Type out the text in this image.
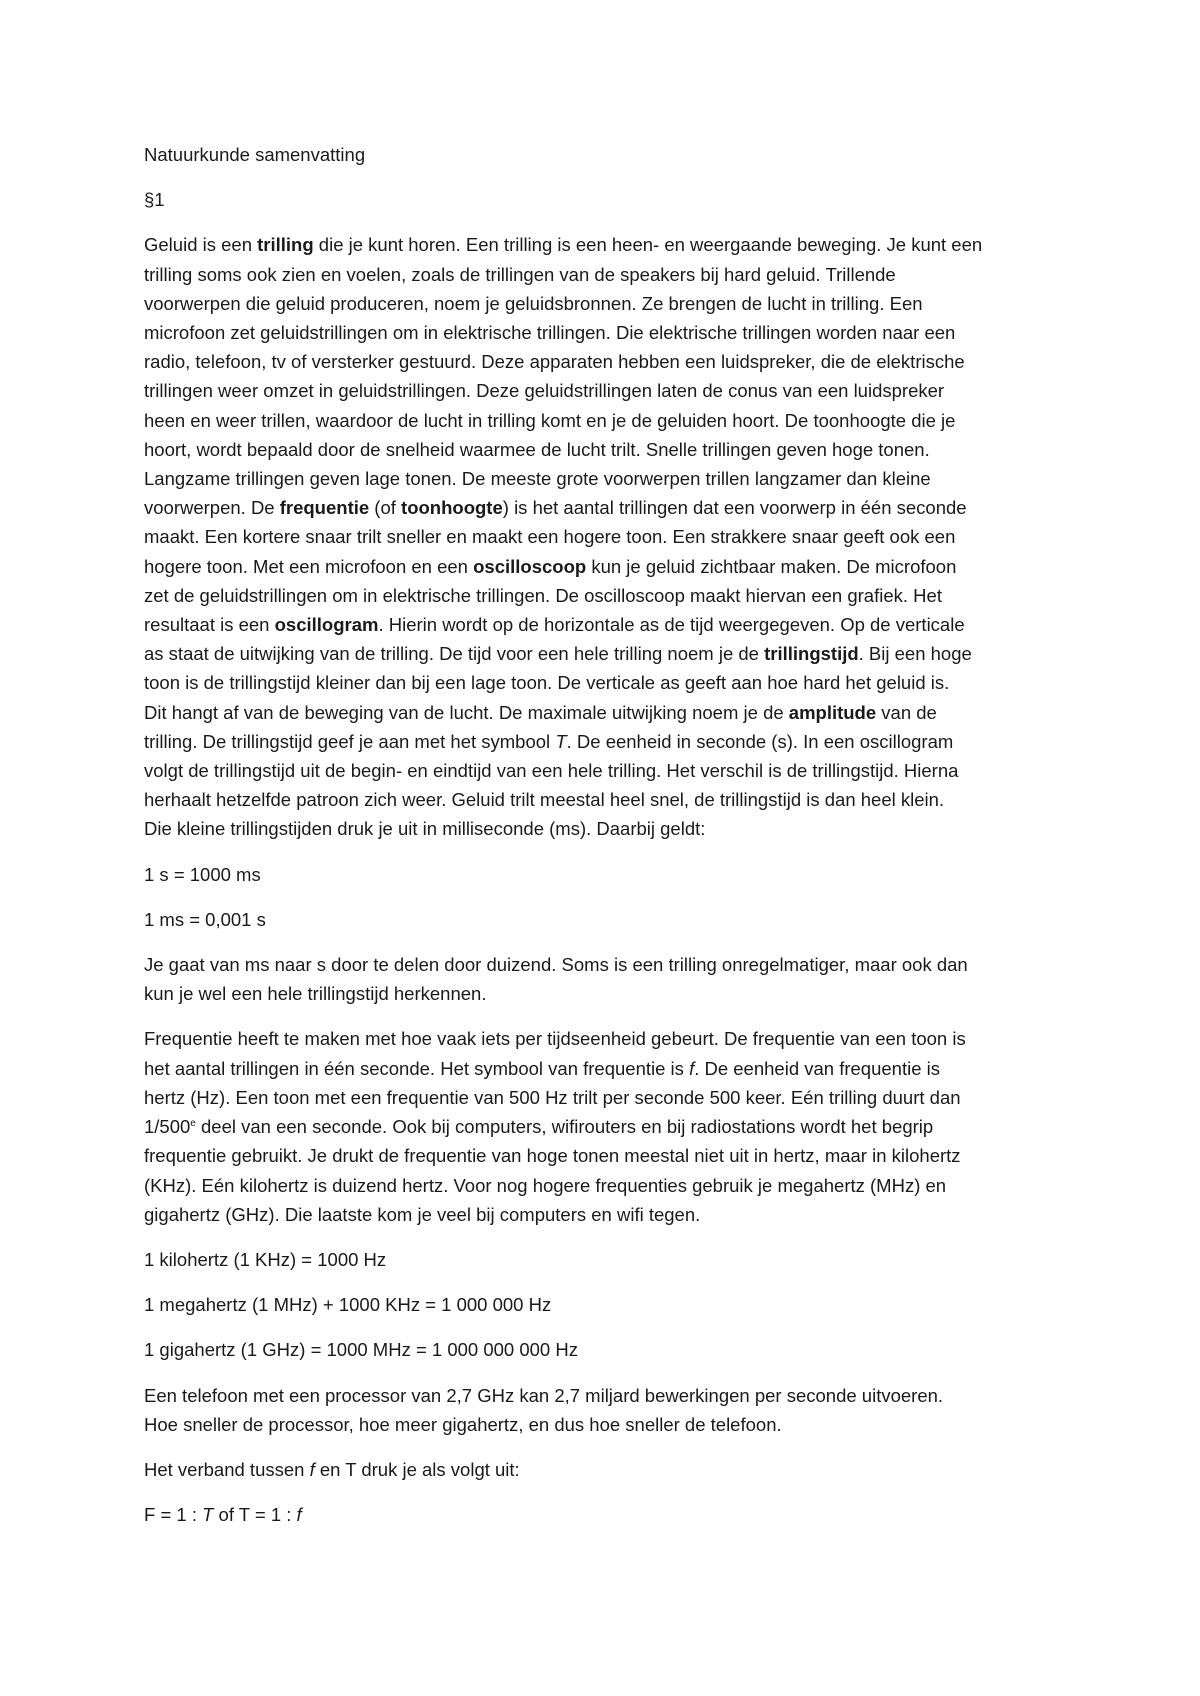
Natuurkunde samenvatting
§1
Geluid is een trilling die je kunt horen. Een trilling is een heen- en weergaande beweging. Je kunt een
trilling soms ook zien en voelen, zoals de trillingen van de speakers bij hard geluid. Trillende
voorwerpen die geluid produceren, noem je geluidsbronnen. Ze brengen de lucht in trilling. Een
microfoon zet geluidstrillingen om in elektrische trillingen. Die elektrische trillingen worden naar een
radio, telefoon, tv of versterker gestuurd. Deze apparaten hebben een luidspreker, die de elektrische
trillingen weer omzet in geluidstrillingen. Deze geluidstrillingen laten de conus van een luidspreker
heen en weer trillen, waardoor de lucht in trilling komt en je de geluiden hoort. De toonhoogte die je
hoort, wordt bepaald door de snelheid waarmee de lucht trilt. Snelle trillingen geven hoge tonen.
Langzame trillingen geven lage tonen. De meeste grote voorwerpen trillen langzamer dan kleine
voorwerpen. De frequentie (of toonhoogte) is het aantal trillingen dat een voorwerp in één seconde
maakt. Een kortere snaar trilt sneller en maakt een hogere toon. Een strakkere snaar geeft ook een
hogere toon. Met een microfoon en een oscilloscoop kun je geluid zichtbaar maken. De microfoon
zet de geluidstrillingen om in elektrische trillingen. De oscilloscoop maakt hiervan een grafiek. Het
resultaat is een oscillogram. Hierin wordt op de horizontale as de tijd weergegeven. Op de verticale
as staat de uitwijking van de trilling. De tijd voor een hele trilling noem je de trillingstijd. Bij een hoge
toon is de trillingstijd kleiner dan bij een lage toon. De verticale as geeft aan hoe hard het geluid is.
Dit hangt af van de beweging van de lucht. De maximale uitwijking noem je de amplitude van de
trilling. De trillingstijd geef je aan met het symbool T. De eenheid in seconde (s). In een oscillogram
volgt de trillingstijd uit de begin- en eindtijd van een hele trilling. Het verschil is de trillingstijd. Hierna
herhaalt hetzelfde patroon zich weer. Geluid trilt meestal heel snel, de trillingstijd is dan heel klein.
Die kleine trillingstijden druk je uit in milliseconde (ms). Daarbij geldt:
1 s = 1000 ms
1 ms = 0,001 s
Je gaat van ms naar s door te delen door duizend. Soms is een trilling onregelmatiger, maar ook dan
kun je wel een hele trillingstijd herkennen.
Frequentie heeft te maken met hoe vaak iets per tijdseenheid gebeurt. De frequentie van een toon is
het aantal trillingen in één seconde. Het symbool van frequentie is f. De eenheid van frequentie is
hertz (Hz). Een toon met een frequentie van 500 Hz trilt per seconde 500 keer. Eén trilling duurt dan
1/500e deel van een seconde. Ook bij computers, wifirouters en bij radiostations wordt het begrip
frequentie gebruikt. Je drukt de frequentie van hoge tonen meestal niet uit in hertz, maar in kilohertz
(KHz). Eén kilohertz is duizend hertz. Voor nog hogere frequenties gebruik je megahertz (MHz) en
gigahertz (GHz). Die laatste kom je veel bij computers en wifi tegen.
1 kilohertz (1 KHz) = 1000 Hz
1 megahertz (1 MHz) + 1000 KHz = 1 000 000 Hz
1 gigahertz (1 GHz) = 1000 MHz = 1 000 000 000 Hz
Een telefoon met een processor van 2,7 GHz kan 2,7 miljard bewerkingen per seconde uitvoeren.
Hoe sneller de processor, hoe meer gigahertz, en dus hoe sneller de telefoon.
Het verband tussen f en T druk je als volgt uit:
F = 1 : T of T = 1 : f
